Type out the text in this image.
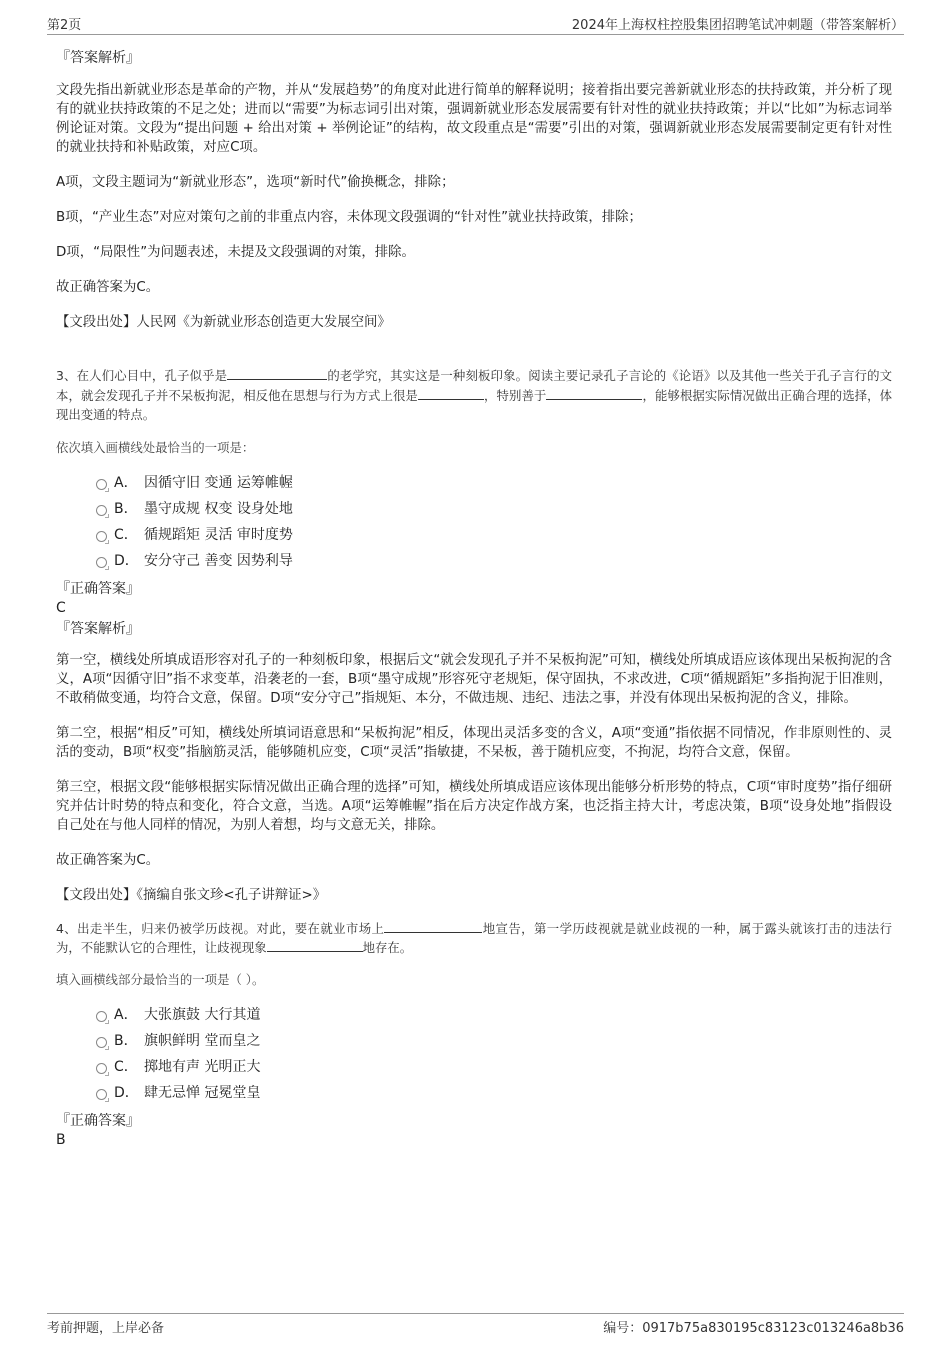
第2页	2024年上海权柱控股集团招聘笔试冲刺题（带答案解析）

『答案解析』

文段先指出新就业形态是革命的产物，并从“发展趋势”的角度对此进行简单的解释说明；接着指出要完善新就业形态的扶持政策，并分析了现有的就业扶持政策的不足之处；进而以“需要”为标志词引出对策，强调新就业形态发展需要有针对性的就业扶持政策；并以“比如”为标志词举例论证对策。文段为“提出问题 + 给出对策 + 举例论证”的结构，故文段重点是“需要”引出的对策，强调新就业形态发展需要制定更有针对性的就业扶持和补贴政策，对应C项。

A项，文段主题词为“新就业形态”，选项“新时代”偷换概念，排除；

B项，“产业生态”对应对策句之前的非重点内容，未体现文段强调的“针对性”就业扶持政策，排除；

D项，“局限性”为问题表述，未提及文段强调的对策，排除。

故正确答案为C。

【文段出处】人民网《为新就业形态创造更大发展空间》

3、在人们心目中，孔子似乎是	的老学究，其实这是一种刻板印象。阅读主要记录孔子言论的《论语》以及其他一些关于孔子言行的文本，就会发现孔子并不呆板拘泥，相反他在思想与行为方式上很是	，特别善于	，能够根据实际情况做出正确合理的选择，体现出变通的特点。

依次填入画横线处最恰当的一项是：

A． 因循守旧 变通 运筹帷幄
B． 墨守成规 权变 设身处地
C． 循规蹈矩 灵活 审时度势
D． 安分守己 善变 因势利导

『正确答案』

C

『答案解析』

第一空，横线处所填成语形容对孔子的一种刻板印象，根据后文“就会发现孔子并不呆板拘泥”可知，横线处所填成语应该体现出呆板拘泥的含义，A项“因循守旧”指不求变革，沿袭老的一套，B项“墨守成规”形容死守老规矩，保守固执，不求改进，C项“循规蹈矩”多指拘泥于旧准则，不敢稍做变通，均符合文意，保留。D项“安分守己”指规矩、本分，不做违规、违纪、违法之事，并没有体现出呆板拘泥的含义，排除。

第二空，根据“相反”可知，横线处所填词语意思和“呆板拘泥”相反，体现出灵活多变的含义，A项“变通”指依据不同情况，作非原则性的、灵活的变动，B项“权变”指脑筋灵活，能够随机应变，C项“灵活”指敏捷，不呆板，善于随机应变，不拘泥，均符合文意，保留。

第三空，根据文段“能够根据实际情况做出正确合理的选择”可知，横线处所填成语应该体现出能够分析形势的特点，C项“审时度势”指仔细研究并估计时势的特点和变化，符合文意，当选。A项“运筹帷幄”指在后方决定作战方案，也泛指主持大计，考虑决策，B项“设身处地”指假设自己处在与他人同样的情况，为别人着想，均与文意无关，排除。

故正确答案为C。

【文段出处】《摘编自张文珍<孔子讲辩证>》

4、出走半生，归来仍被学历歧视。对此，要在就业市场上	地宣告，第一学历歧视就是就业歧视的一种，属于露头就该打击的违法行为，不能默认它的合理性，让歧视现象	地存在。

填入画横线部分最恰当的一项是（ ）。

A． 大张旗鼓 大行其道
B． 旗帜鲜明 堂而皇之
C． 掷地有声 光明正大
D． 肆无忌惮 冠冕堂皇

『正确答案』

B

考前押题，上岸必备	编号：0917b75a830195c83123c013246a8b36
